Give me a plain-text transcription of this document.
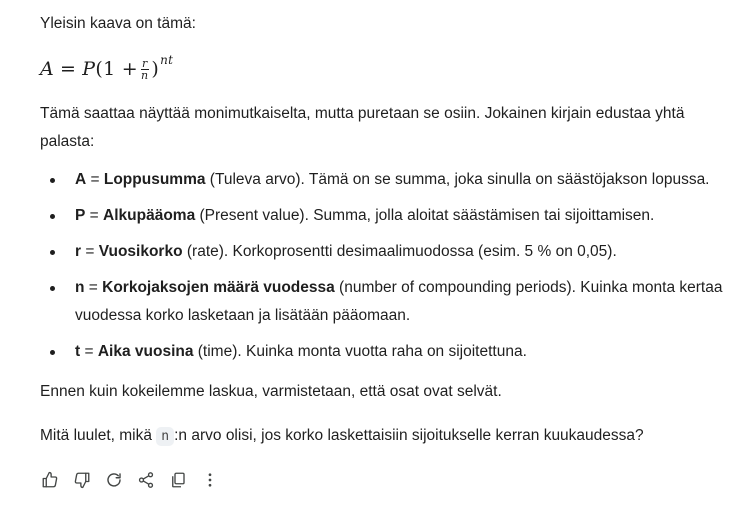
Yleisin kaava on tämä:

A = P ($1 + \frac{r}{n}$ ) nt

Tämä saattaa näyttää monimutkaiselta, mutta puretaan se osiin. Jokainen kirjain edustaa yhtä palasta:

A = Loppusumma (Tuleva arvo). Tämä on se summa, joka sinulla on säästöjakson lopussa.
P = Alkupääoma (Present value). Summa, jolla aloitat säästämisen tai sijoittamisen.
r = Vuosikorko (rate). Korkoprosentti desimaalimuodossa (esim. 5 % on 0,05).
n = Korkojaksojen määrä vuodessa (number of compounding periods). Kuinka monta kertaa vuodessa korko lasketaan ja lisätään pääomaan.
t = Aika vuosina (time). Kuinka monta vuotta raha on sijoitettuna.

Ennen kuin kokeilemme laskua, varmistetaan, että osat ovat selvät.

Mitä luulet, mikä n :n arvo olisi, jos korko laskettaisiin sijoitukselle kerran kuukaudessa?
